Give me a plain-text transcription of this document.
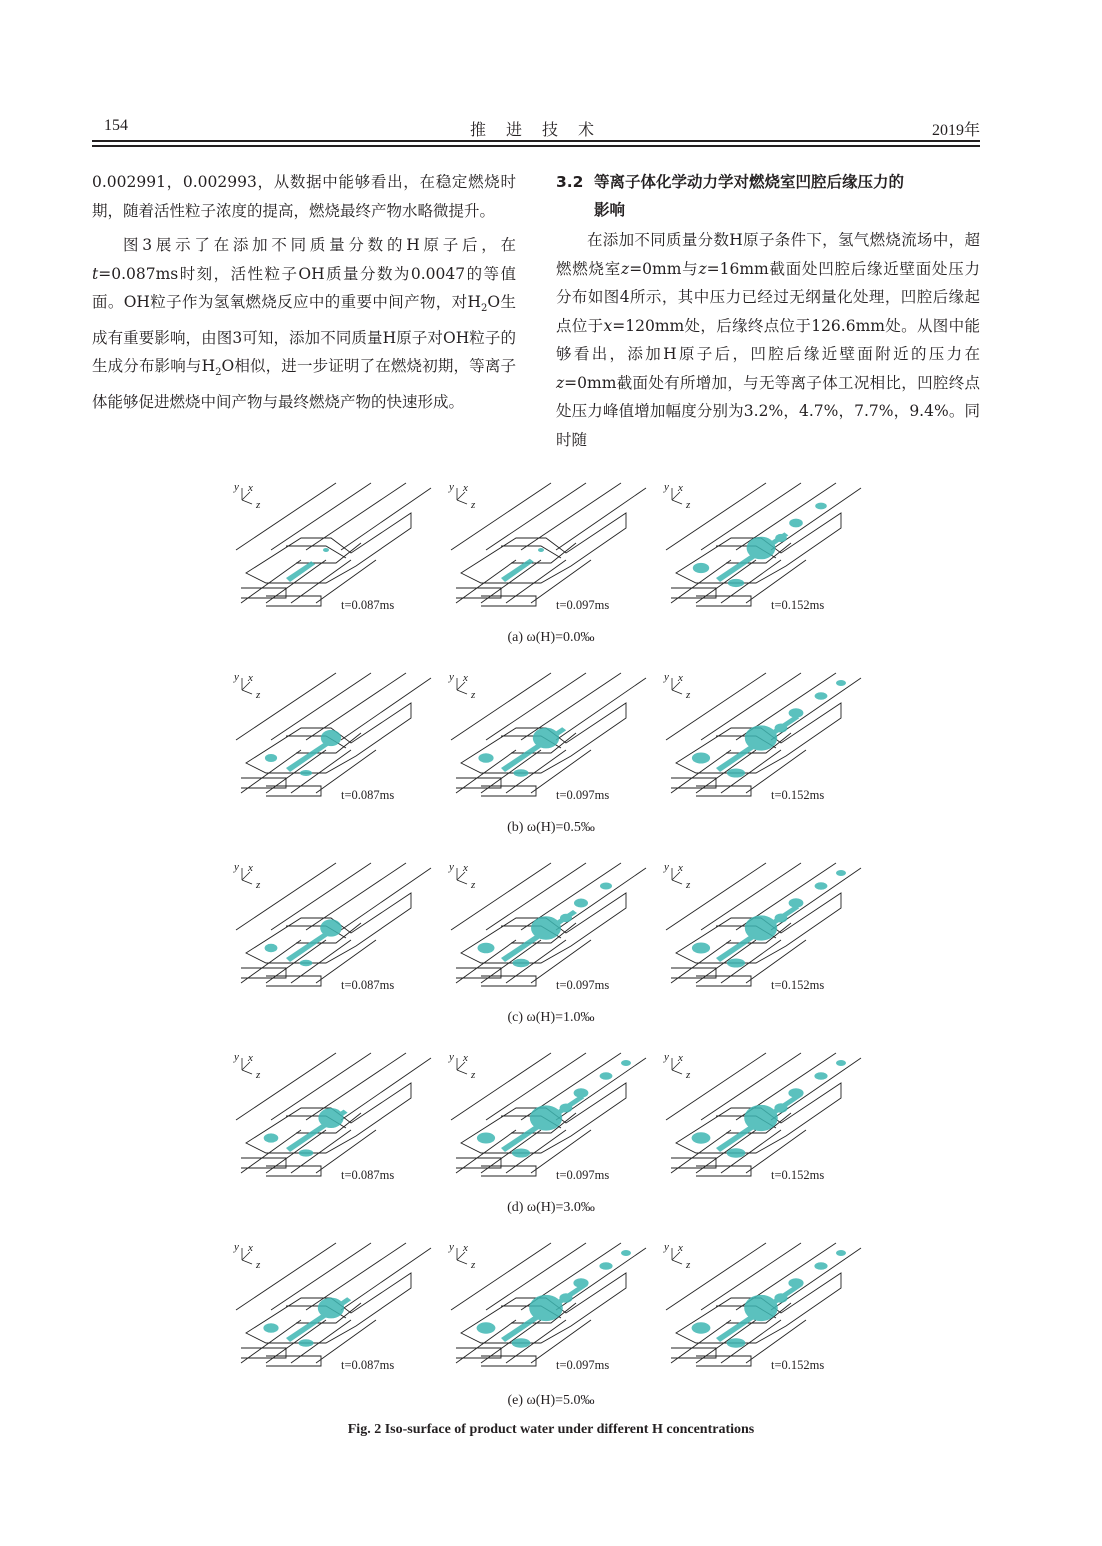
154	推 进 技 术	2019年

0.002991，0.002993，从数据中能够看出，在稳定燃烧时期，随着活性粒子浓度的提高，燃烧最终产物水略微提升。

图3展示了在添加不同质量分数的H原子后，在t=0.087ms时刻，活性粒子OH质量分数为0.0047的等值面。OH粒子作为氢氧燃烧反应中的重要中间产物，对$H_2O$生成有重要影响，由图3可知，添加不同质量H原子对OH粒子的生成分布影响与$H_2O$相似，进一步证明了在燃烧初期，等离子体能够促进燃烧中间产物与最终燃烧产物的快速形成。

3.2 等离子体化学动力学对燃烧室凹腔后缘压力的
影响

在添加不同质量分数H原子条件下，氢气燃烧流场中，超燃燃烧室z=0mm与z=16mm截面处凹腔后缘近壁面处压力分布如图4所示，其中压力已经过无纲量化处理，凹腔后缘起点位于x=120mm处，后缘终点位于126.6mm处。从图中能够看出，添加H原子后，凹腔后缘近壁面附近的压力在z=0mm截面处有所增加，与无等离子体工况相比，凹腔终点处压力峰值增加幅度分别为3.2%，4.7%，7.7%，9.4%。同时随

y x
z
t=0.087ms
y x
z
t=0.097ms
y x
z
t=0.152ms
(a) ω(H)=0.0‰
y x
z
t=0.087ms
y x
z
t=0.097ms
y x
z
t=0.152ms
(b) ω(H)=0.5‰
y x
z
t=0.087ms
y x
z
t=0.097ms
y x
z
t=0.152ms
(c) ω(H)=1.0‰
y x
z
t=0.087ms
y x
z
t=0.097ms
y x
z
t=0.152ms
(d) ω(H)=3.0‰
y x
z
t=0.087ms
y x
z
t=0.097ms
y x
z
t=0.152ms
(e) ω(H)=5.0‰
Fig. 2 Iso-surface of product water under different H concentrations
